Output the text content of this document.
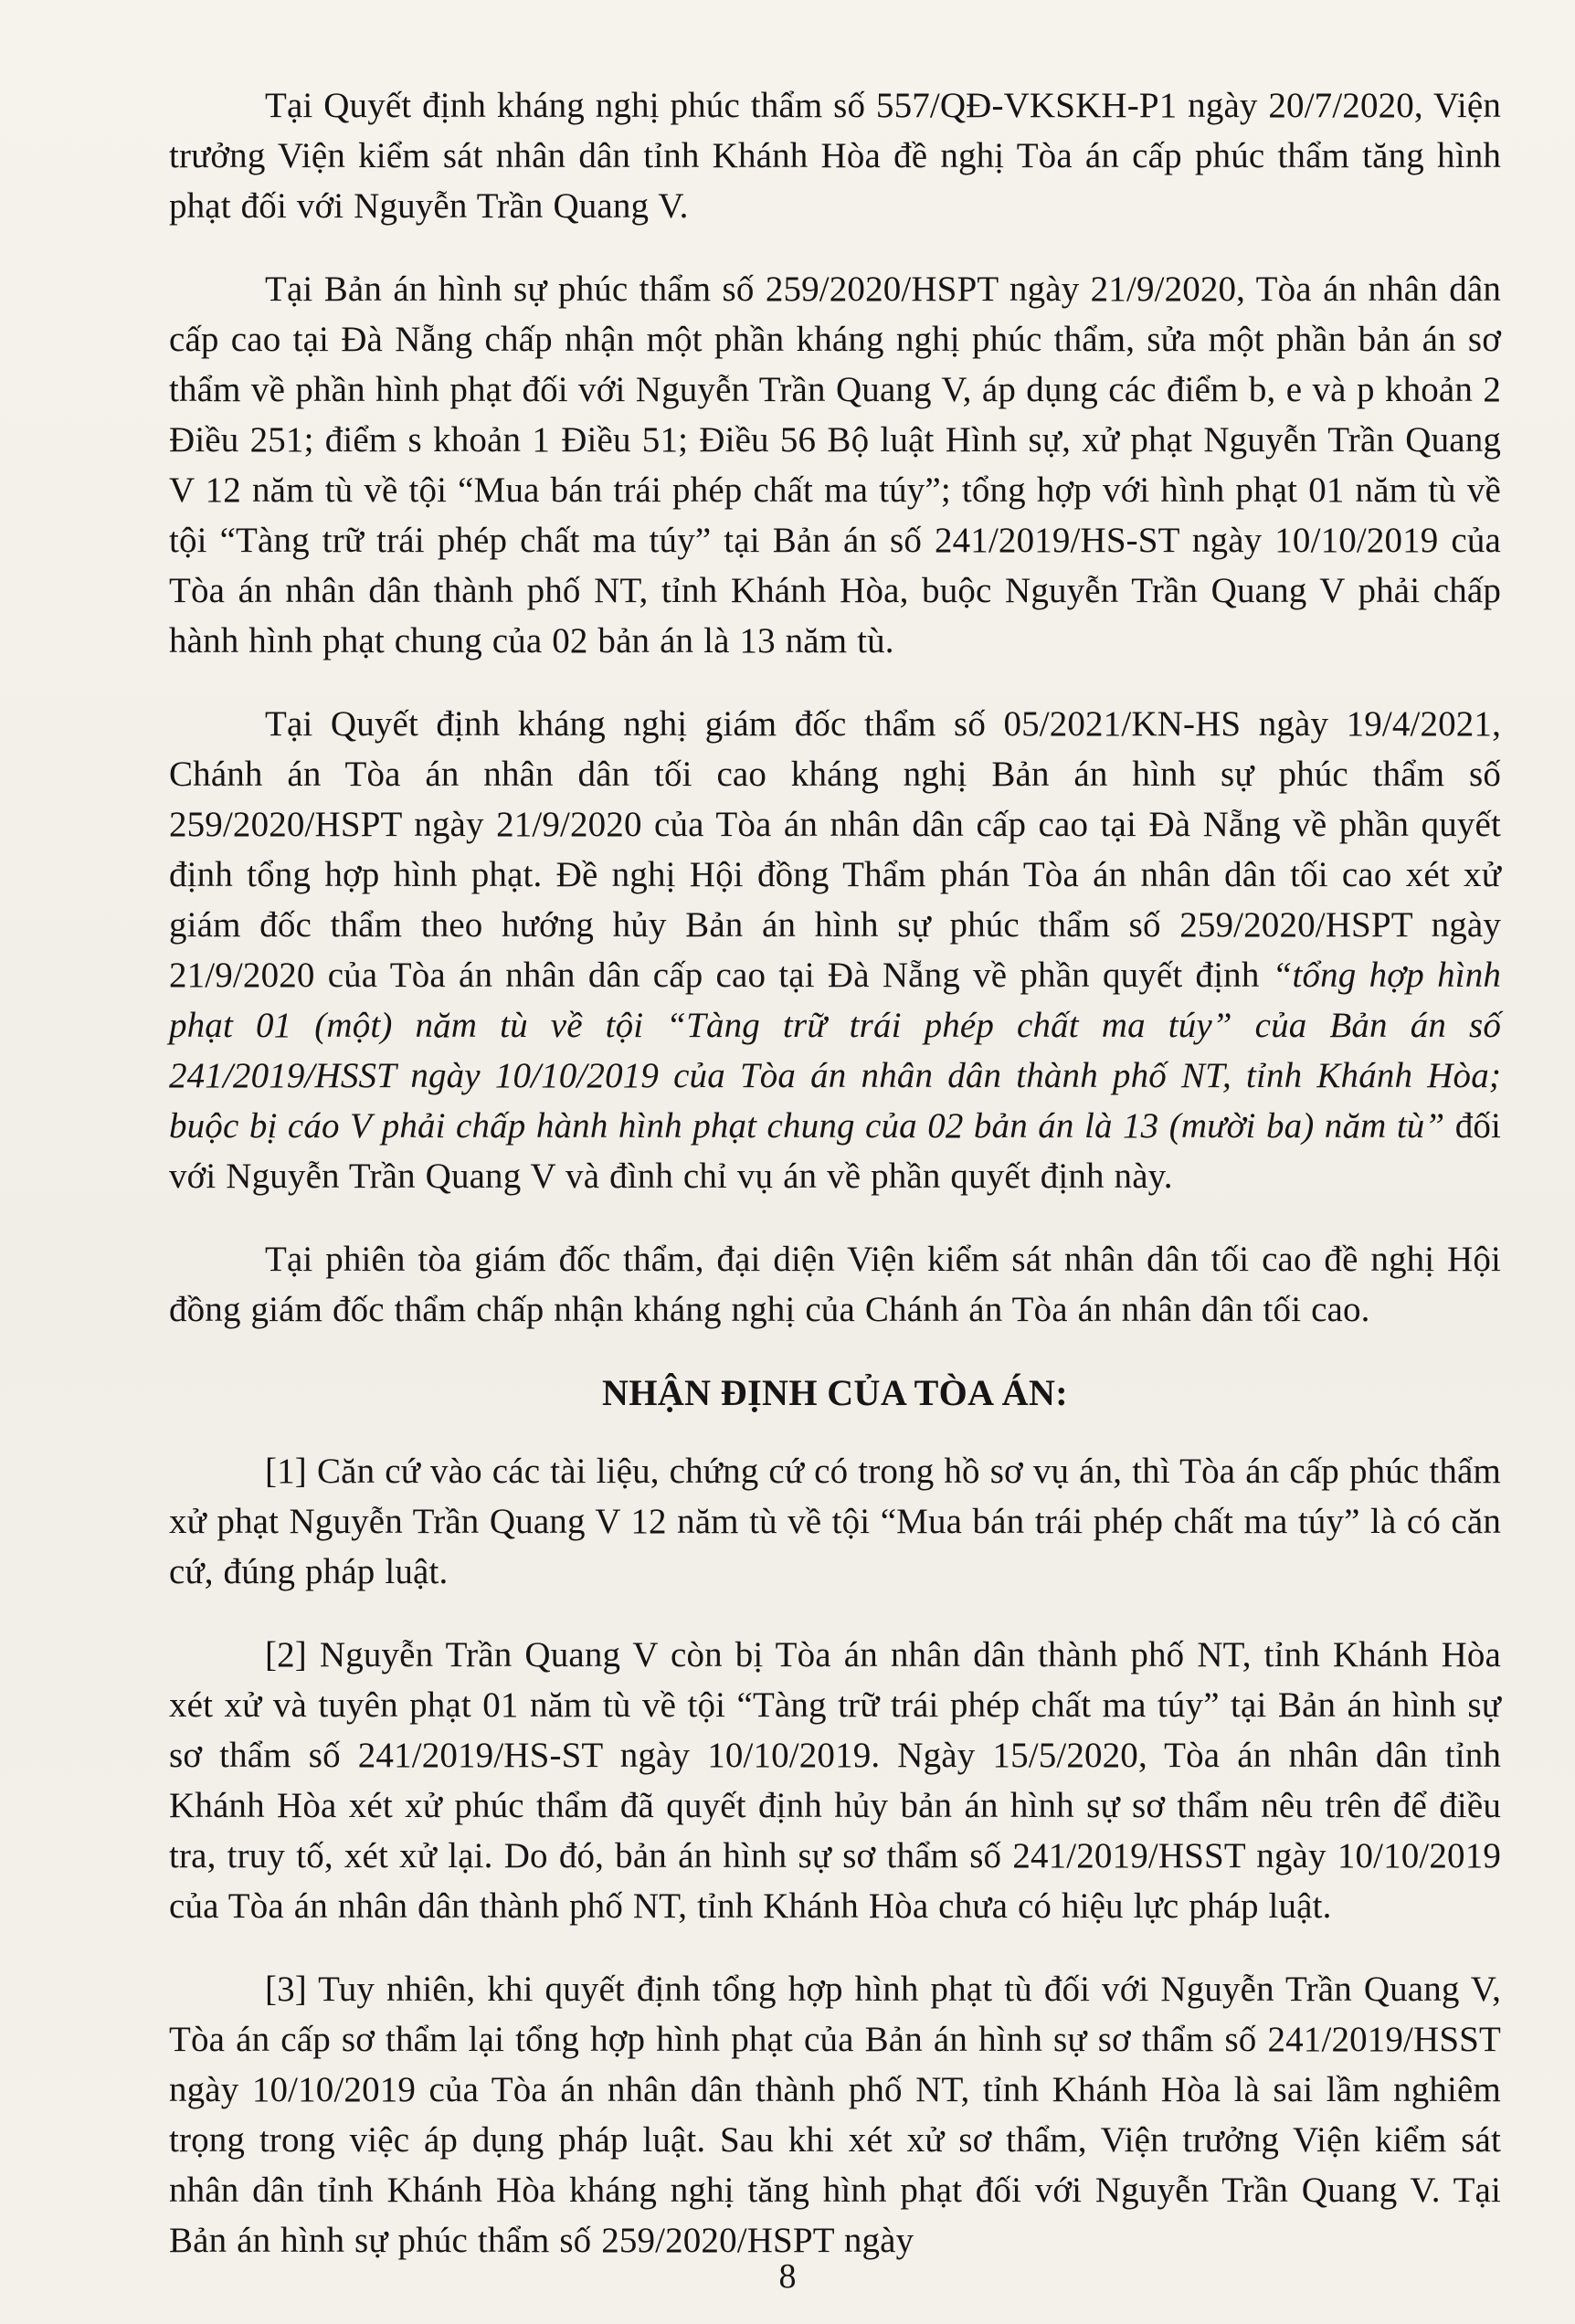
Tại Quyết định kháng nghị phúc thẩm số 557/QĐ-VKSKH-P1 ngày 20/7/2020, Viện trưởng Viện kiểm sát nhân dân tỉnh Khánh Hòa đề nghị Tòa án cấp phúc thẩm tăng hình phạt đối với Nguyễn Trần Quang V.

Tại Bản án hình sự phúc thẩm số 259/2020/HSPT ngày 21/9/2020, Tòa án nhân dân cấp cao tại Đà Nẵng chấp nhận một phần kháng nghị phúc thẩm, sửa một phần bản án sơ thẩm về phần hình phạt đối với Nguyễn Trần Quang V, áp dụng các điểm b, e và p khoản 2 Điều 251; điểm s khoản 1 Điều 51; Điều 56 Bộ luật Hình sự, xử phạt Nguyễn Trần Quang V 12 năm tù về tội “Mua bán trái phép chất ma túy”; tổng hợp với hình phạt 01 năm tù về tội “Tàng trữ trái phép chất ma túy” tại Bản án số 241/2019/HS-ST ngày 10/10/2019 của Tòa án nhân dân thành phố NT, tỉnh Khánh Hòa, buộc Nguyễn Trần Quang V phải chấp hành hình phạt chung của 02 bản án là 13 năm tù.

Tại Quyết định kháng nghị giám đốc thẩm số 05/2021/KN-HS ngày 19/4/2021, Chánh án Tòa án nhân dân tối cao kháng nghị Bản án hình sự phúc thẩm số 259/2020/HSPT ngày 21/9/2020 của Tòa án nhân dân cấp cao tại Đà Nẵng về phần quyết định tổng hợp hình phạt. Đề nghị Hội đồng Thẩm phán Tòa án nhân dân tối cao xét xử giám đốc thẩm theo hướng hủy Bản án hình sự phúc thẩm số 259/2020/HSPT ngày 21/9/2020 của Tòa án nhân dân cấp cao tại Đà Nẵng về phần quyết định “tổng hợp hình phạt 01 (một) năm tù về tội “Tàng trữ trái phép chất ma túy” của Bản án số 241/2019/HSST ngày 10/10/2019 của Tòa án nhân dân thành phố NT, tỉnh Khánh Hòa; buộc bị cáo V phải chấp hành hình phạt chung của 02 bản án là 13 (mười ba) năm tù” đối với Nguyễn Trần Quang V và đình chỉ vụ án về phần quyết định này.

Tại phiên tòa giám đốc thẩm, đại diện Viện kiểm sát nhân dân tối cao đề nghị Hội đồng giám đốc thẩm chấp nhận kháng nghị của Chánh án Tòa án nhân dân tối cao.

NHẬN ĐỊNH CỦA TÒA ÁN:

[1] Căn cứ vào các tài liệu, chứng cứ có trong hồ sơ vụ án, thì Tòa án cấp phúc thẩm xử phạt Nguyễn Trần Quang V 12 năm tù về tội “Mua bán trái phép chất ma túy” là có căn cứ, đúng pháp luật.

[2] Nguyễn Trần Quang V còn bị Tòa án nhân dân thành phố NT, tỉnh Khánh Hòa xét xử và tuyên phạt 01 năm tù về tội “Tàng trữ trái phép chất ma túy” tại Bản án hình sự sơ thẩm số 241/2019/HS-ST ngày 10/10/2019. Ngày 15/5/2020, Tòa án nhân dân tỉnh Khánh Hòa xét xử phúc thẩm đã quyết định hủy bản án hình sự sơ thẩm nêu trên để điều tra, truy tố, xét xử lại. Do đó, bản án hình sự sơ thẩm số 241/2019/HSST ngày 10/10/2019 của Tòa án nhân dân thành phố NT, tỉnh Khánh Hòa chưa có hiệu lực pháp luật.

[3] Tuy nhiên, khi quyết định tổng hợp hình phạt tù đối với Nguyễn Trần Quang V, Tòa án cấp sơ thẩm lại tổng hợp hình phạt của Bản án hình sự sơ thẩm số 241/2019/HSST ngày 10/10/2019 của Tòa án nhân dân thành phố NT, tỉnh Khánh Hòa là sai lầm nghiêm trọng trong việc áp dụng pháp luật. Sau khi xét xử sơ thẩm, Viện trưởng Viện kiểm sát nhân dân tỉnh Khánh Hòa kháng nghị tăng hình phạt đối với Nguyễn Trần Quang V. Tại Bản án hình sự phúc thẩm số 259/2020/HSPT ngày

8
